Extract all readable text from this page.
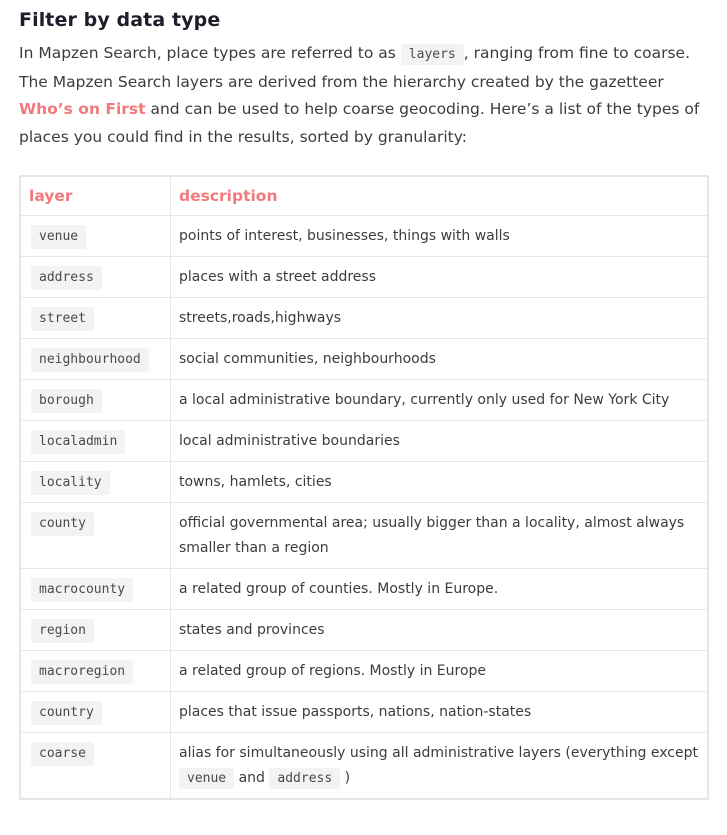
Filter by data type

In Mapzen Search, place types are referred to as layers , ranging from fine to coarse. The Mapzen Search layers are derived from the hierarchy created by the gazetteer Who’s on First and can be used to help coarse geocoding. Here’s a list of the types of places you could find in the results, sorted by granularity:

layer	description
venue	points of interest, businesses, things with walls
address	places with a street address
street	streets,roads,highways
neighbourhood	social communities, neighbourhoods
borough	a local administrative boundary, currently only used for New York City
localadmin	local administrative boundaries
locality	towns, hamlets, cities
county	official governmental area; usually bigger than a locality, almost always smaller than a region
macrocounty	a related group of counties. Mostly in Europe.
region	states and provinces
macroregion	a related group of regions. Mostly in Europe
country	places that issue passports, nations, nation-states
coarse	alias for simultaneously using all administrative layers (everything except venue and address )
